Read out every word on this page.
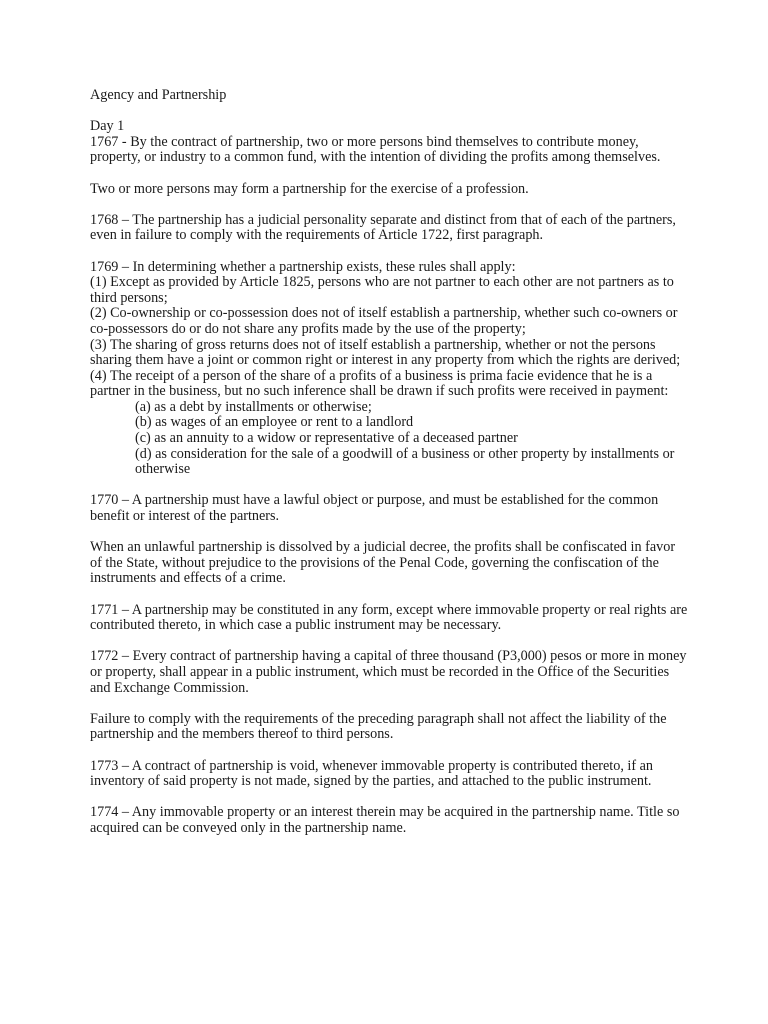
Agency and Partnership
Day 1
1767 - By the contract of partnership, two or more persons bind themselves to contribute money, property, or industry to a common fund, with the intention of dividing the profits among themselves.
Two or more persons may form a partnership for the exercise of a profession.
1768 – The partnership has a judicial personality separate and distinct from that of each of the partners, even in failure to comply with the requirements of Article 1722, first paragraph.
1769 – In determining whether a partnership exists, these rules shall apply:
(1) Except as provided by Article 1825, persons who are not partner to each other are not partners as to third persons;
(2) Co-ownership or co-possession does not of itself establish a partnership, whether such co-owners or co-possessors do or do not share any profits made by the use of the property;
(3) The sharing of gross returns does not of itself establish a partnership, whether or not the persons sharing them have a joint or common right or interest in any property from which the rights are derived;
(4) The receipt of a person of the share of a profits of a business is prima facie evidence that he is a partner in the business, but no such inference shall be drawn if such profits were received in payment:
(a) as a debt by installments or otherwise;
(b) as wages of an employee or rent to a landlord
(c) as an annuity to a widow or representative of a deceased partner
(d) as consideration for the sale of a goodwill of a business or other property by installments or otherwise
1770 – A partnership must have a lawful object or purpose, and must be established for the common benefit or interest of the partners.
When an unlawful partnership is dissolved by a judicial decree, the profits shall be confiscated in favor of the State, without prejudice to the provisions of the Penal Code, governing the confiscation of the instruments and effects of a crime.
1771 – A partnership may be constituted in any form, except where immovable property or real rights are contributed thereto, in which case a public instrument may be necessary.
1772 – Every contract of partnership having a capital of three thousand (P3,000) pesos or more in money or property, shall appear in a public instrument, which must be recorded in the Office of the Securities and Exchange Commission.
Failure to comply with the requirements of the preceding paragraph shall not affect the liability of the partnership and the members thereof to third persons.
1773 – A contract of partnership is void, whenever immovable property is contributed thereto, if an inventory of said property is not made, signed by the parties, and attached to the public instrument.
1774 – Any immovable property or an interest therein may be acquired in the partnership name. Title so acquired can be conveyed only in the partnership name.
